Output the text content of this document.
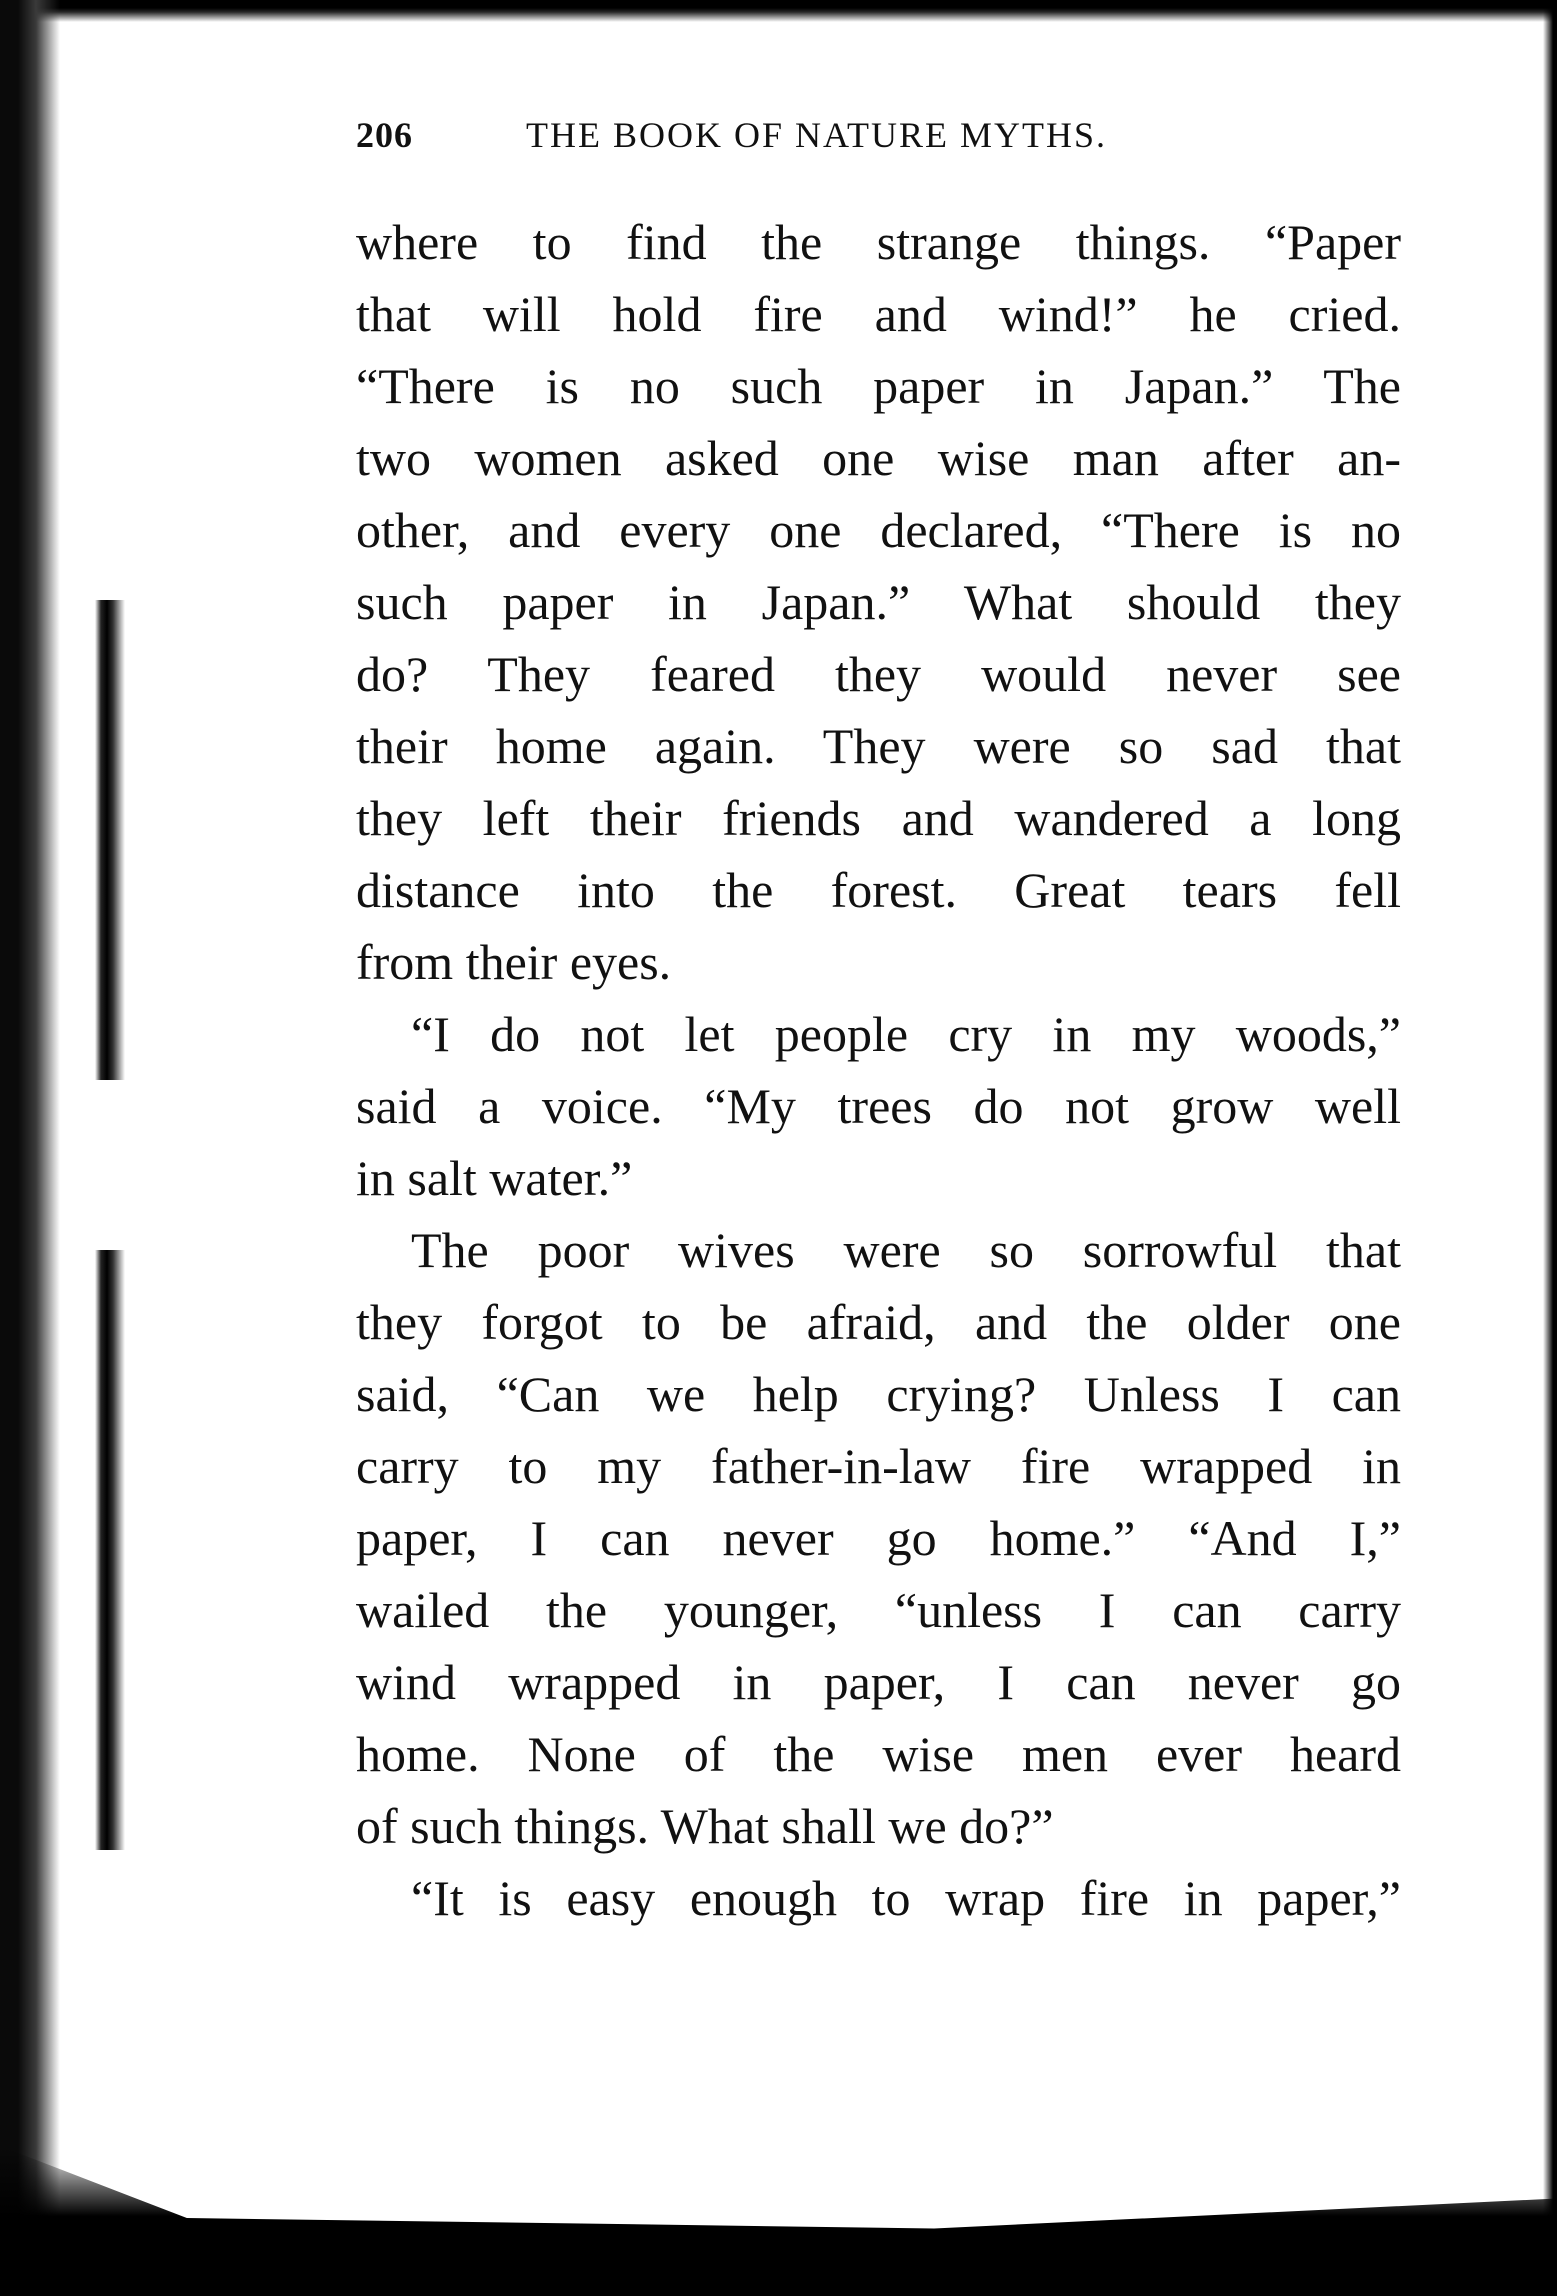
206	THE BOOK OF NATURE MYTHS.
where to find the strange things. “Paper
that will hold fire and wind!” he cried.
“There is no such paper in Japan.” The
two women asked one wise man after an-
other, and every one declared, “There is no
such paper in Japan.” What should they
do? They feared they would never see
their home again. They were so sad that
they left their friends and wandered a long
distance into the forest. Great tears fell
from their eyes.
“I do not let people cry in my woods,”
said a voice. “My trees do not grow well
in salt water.”
The poor wives were so sorrowful that
they forgot to be afraid, and the older one
said, “Can we help crying? Unless I can
carry to my father-in-law fire wrapped in
paper, I can never go home.” “And I,”
wailed the younger, “unless I can carry
wind wrapped in paper, I can never go
home. None of the wise men ever heard
of such things. What shall we do?”
“It is easy enough to wrap fire in paper,”
